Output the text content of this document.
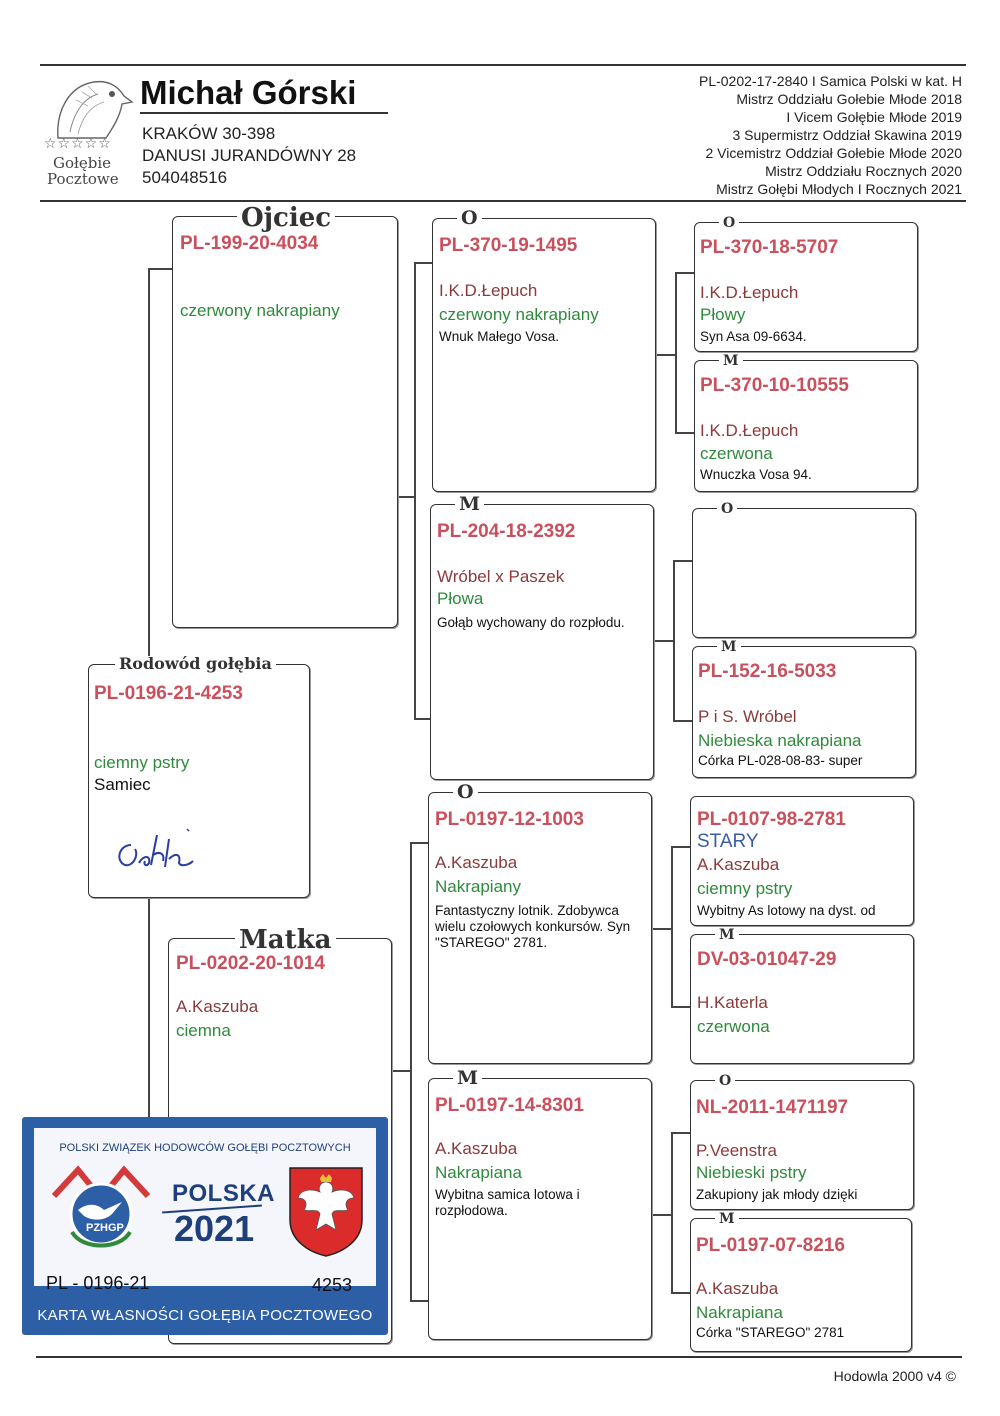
☆☆☆☆☆
Gołębie
Pocztowe
Michał Górski
KRAKÓW 30-398
DANUSI JURANDÓWNY 28
504048516
PL-0202-17-2840 I Samica Polski w kat. H
Mistrz Oddziału Gołebie Młode 2018
I Vicem Gołębie Młode 2019
3 Supermistrz Oddział Skawina 2019
2 Vicemistrz Oddział Gołebie Młode 2020
Mistrz Oddziału Rocznych 2020
Mistrz Gołębi Młodych I Rocznych 2021
Ojciec
PL-199-20-4034
czerwony nakrapiany
Rodowód gołębia
PL-0196-21-4253
ciemny pstry
Samiec
Matka
PL-0202-20-1014
A.Kaszuba
ciemna
O
PL-370-19-1495
I.K.D.Łepuch
czerwony nakrapiany
Wnuk Małego Vosa.
M
PL-204-18-2392
Wróbel x Paszek
Płowa
Gołąb wychowany do rozpłodu.
O
PL-0197-12-1003
A.Kaszuba
Nakrapiany
Fantastyczny lotnik. Zdobywca wielu czołowych konkursów. Syn "STAREGO" 2781.
M
PL-0197-14-8301
A.Kaszuba
Nakrapiana
Wybitna samica lotowa i rozpłodowa.
O
PL-370-18-5707
I.K.D.Łepuch
Płowy
Syn Asa 09-6634.
M
PL-370-10-10555
I.K.D.Łepuch
czerwona
Wnuczka Vosa 94.
O
M
PL-152-16-5033
P i S. Wróbel
Niebieska nakrapiana
Córka PL-028-08-83- super
PL-0107-98-2781
STARY
A.Kaszuba
ciemny pstry
Wybitny As lotowy na dyst. od
M
DV-03-01047-29
H.Katerla
czerwona
O
NL-2011-1471197
P.Veenstra
Niebieski pstry
Zakupiony jak młody dzięki
M
PL-0197-07-8216
A.Kaszuba
Nakrapiana
Córka "STAREGO" 2781
POLSKI ZWIĄZEK HODOWCÓW GOŁĘBI POCZTOWYCH
PZHGP
POLSKA
2021
PL - 0196-21	4253
KARTA WŁASNOŚCI GOŁĘBIA POCZTOWEGO
Hodowla 2000 v4 ©
